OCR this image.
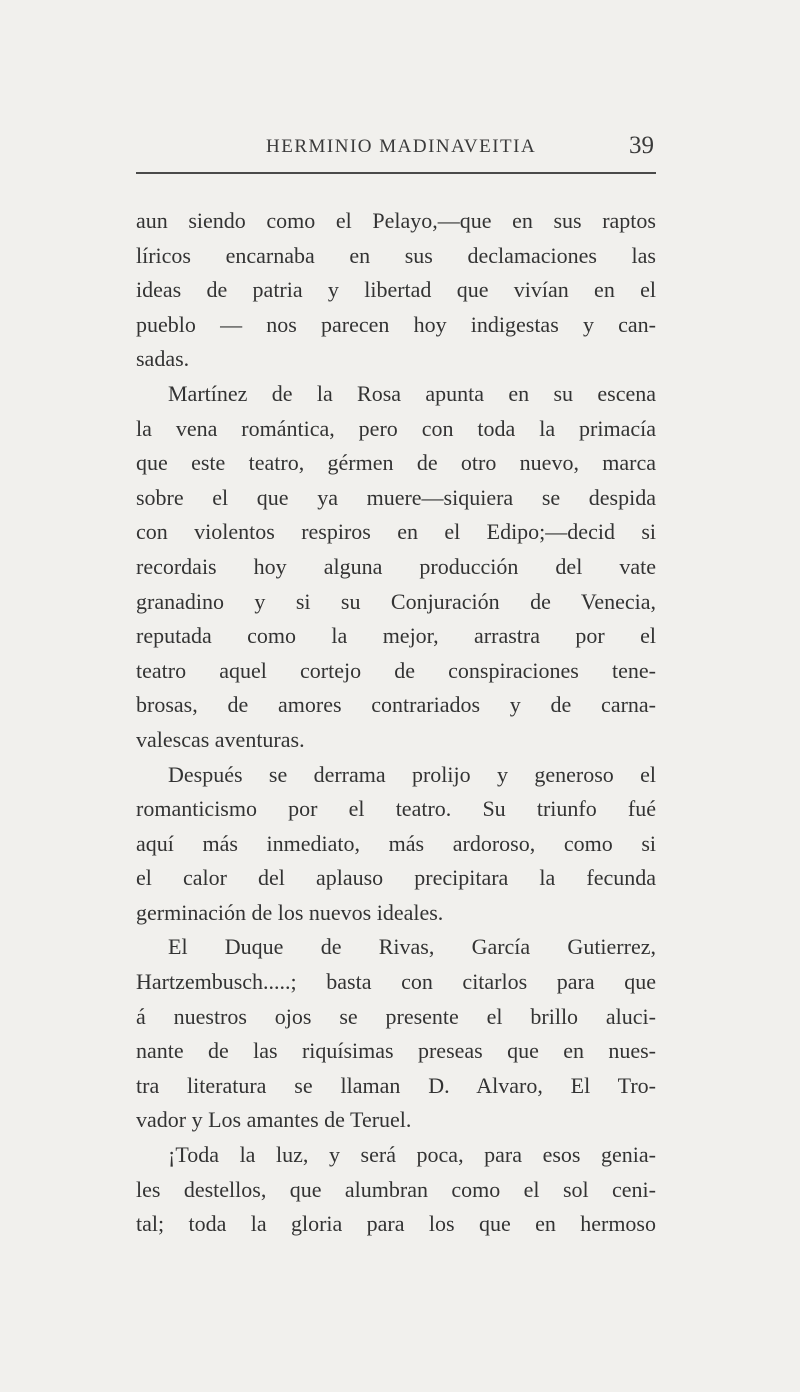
HERMINIO MADINAVEITIA	39
aun siendo como el Pelayo,—que en sus raptos
líricos encarnaba en sus declamaciones las
ideas de patria y libertad que vivían en el
pueblo — nos parecen hoy indigestas y can-
sadas.
Martínez de la Rosa apunta en su escena
la vena romántica, pero con toda la primacía
que este teatro, gérmen de otro nuevo, marca
sobre el que ya muere—siquiera se despida
con violentos respiros en el Edipo;—decid si
recordais hoy alguna producción del vate
granadino y si su Conjuración de Venecia,
reputada como la mejor, arrastra por el
teatro aquel cortejo de conspiraciones tene-
brosas, de amores contrariados y de carna-
valescas aventuras.
Después se derrama prolijo y generoso el
romanticismo por el teatro. Su triunfo fué
aquí más inmediato, más ardoroso, como si
el calor del aplauso precipitara la fecunda
germinación de los nuevos ideales.
El Duque de Rivas, García Gutierrez,
Hartzembusch.....; basta con citarlos para que
á nuestros ojos se presente el brillo aluci-
nante de las riquísimas preseas que en nues-
tra literatura se llaman D. Alvaro, El Tro-
vador y Los amantes de Teruel.
¡Toda la luz, y será poca, para esos genia-
les destellos, que alumbran como el sol ceni-
tal; toda la gloria para los que en hermoso
